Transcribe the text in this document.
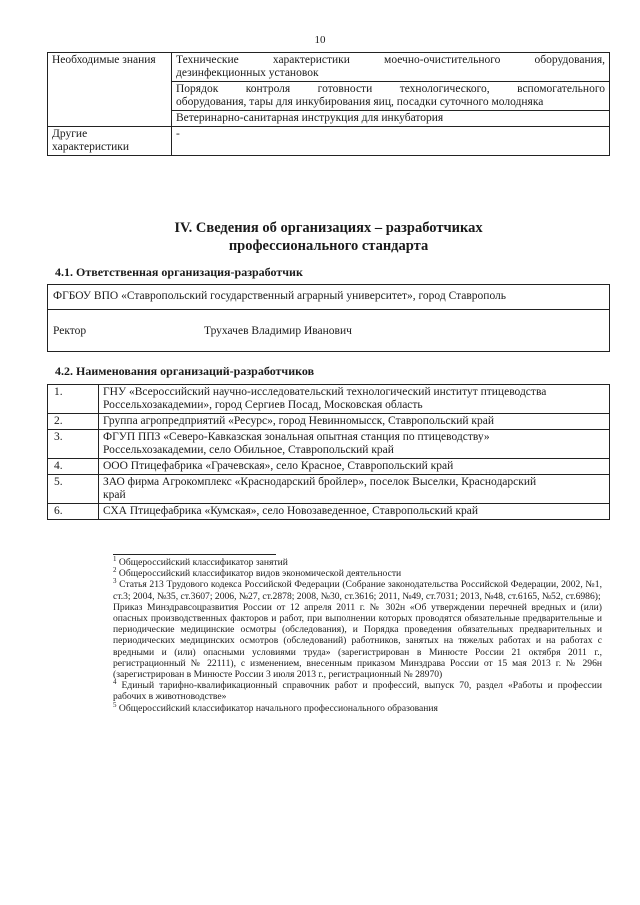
10
Необходимые знания	Технические характеристики моечно-очистительного оборудования,
дезинфекционных установок

	Порядок контроля готовности технологического, вспомогательного
оборудования, тары для инкубирования яиц, посадки суточного молодняка

	Ветеринарно-санитарная инструкция для инкубатория

Другие характеристики	-
IV. Сведения об организациях – разработчиках
профессионального стандарта
4.1. Ответственная организация-разработчик
ФГБОУ ВПО «Ставропольский государственный аграрный университет», город Ставрополь
Ректор	Трухачев Владимир Иванович
4.2. Наименования организаций-разработчиков
1.	ГНУ «Всероссийский научно-исследовательский технологический институт птицеводства
Россельхозакадемии», город Сергиев Посад, Московская область

2.	Группа агропредприятий «Ресурс», город Невинномысск, Ставропольский край

3.	ФГУП ППЗ «Северо-Кавказская зональная опытная станция по птицеводству»
Россельхозакадемии, село Обильное, Ставропольский край

4.	ООО Птицефабрика «Грачевская», село Красное, Ставропольский край

5.	ЗАО фирма Агрокомплекс «Краснодарский бройлер», поселок Выселки, Краснодарский
край

6.	СХА Птицефабрика «Кумская», село Новозаведенное, Ставропольский край

$^1$ Общероссийский классификатор занятий

$^2$ Общероссийский классификатор видов экономической деятельности

$^3$ Статья 213 Трудового кодекса Российской Федерации (Собрание законодательства Российской Федерации, 2002, №1, ст.3; 2004, №35, ст.3607; 2006, №27, ст.2878; 2008, №30, ст.3616; 2011, №49, ст.7031; 2013, №48, ст.6165, №52, ст.6986);

Приказ Минздравсоцразвития России от 12 апреля 2011 г. № 302н «Об утверждении перечней вредных и (или) опасных производственных факторов и работ, при выполнении которых проводятся обязательные предварительные и периодические медицинские осмотры (обследования), и Порядка проведения обязательных предварительных и периодических медицинских осмотров (обследований) работников, занятых на тяжелых работах и на работах с вредными и (или) опасными условиями труда» (зарегистрирован в Минюсте России 21 октября 2011 г., регистрационный № 22111), с изменением, внесенным приказом Минздрава России от 15 мая 2013 г. № 296н (зарегистрирован в Минюсте России 3 июля 2013 г., регистрационный № 28970)

$^4$ Единый тарифно-квалификационный справочник работ и профессий, выпуск 70, раздел «Работы и профессии рабочих в животноводстве»

$^5$ Общероссийский классификатор начального профессионального образования
